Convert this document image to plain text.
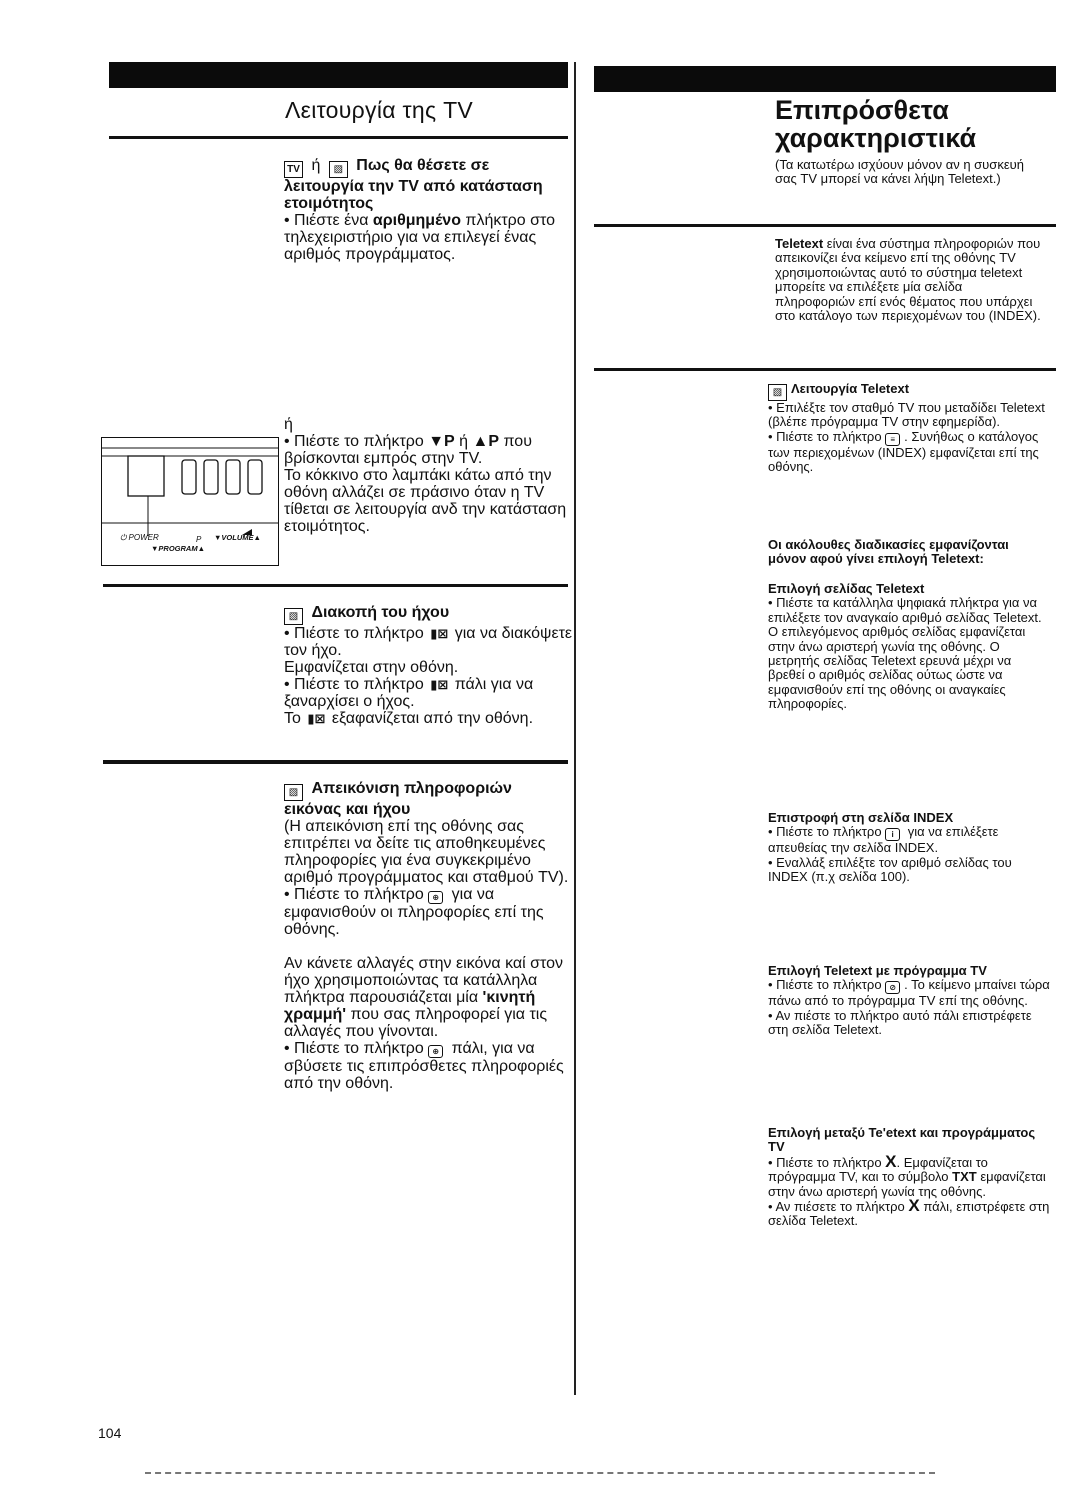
Λειτουργία της TV

TV ή ▧ Πως θα θέσετε σε λειτουργία την TV από κατάσταση ετοιμότητος

• Πιέστε ένα αριθμημένο πλήκτρο στο τηλεχειριστήριο για να επιλεγεί ένας αριθμός προγράμματος.

ή

• Πιέστε το πλήκτρο ▼P ή ▲P που βρίσκονται εμπρός στην TV.

Το κόκκινο στο λαμπάκι κάτω από την οθόνη αλλάζει σε πράσινο όταν η TV τίθεται σε λειτουργία ανδ την κατάσταση ετοιμότητος.

⏻ POWER	P ▼VOLUME▲
▼PROGRAM▲

▧ Διακοπή του ήχου

• Πιέστε το πλήκτρο ▮⊠ για να διακόψετε τον ήχο.

Εμφανίζεται στην οθόνη.

• Πιέστε το πλήκτρο ▮⊠ πάλι για να ξαναρχίσει ο ήχος.

Το ▮⊠ εξαφανίζεται από την οθόνη.

▧ Απεικόνιση πληροφοριών εικόνας και ήχου

(Η απεικόνιση επί της οθόνης σας επιτρέπει να δείτε τις αποθηκευμένες πληροφορίες για ένα συγκεκριμένο αριθμό προγράμματος και σταθμού TV).

• Πιέστε το πλήκτρο ⊕ για να εμφανισθούν οι πληροφορίες επί της οθόνης.

Αν κάνετε αλλαγές στην εικόνα καί στον ήχο χρησιμοποιώντας τα κατάλληλα πλήκτρα παρουσιάζεται μία 'κινητή χραμμή' που σας πληροφορεί για τις αλλαγές που γίνονται.

• Πιέστε το πλήκτρο ⊕ πάλι, για να σβύσετε τις επιπρόσθετες πληροφοριές από την οθόνη.

Επιπρόσθετα
χαρακτηριστικά
(Τα κατωτέρω ισχύουν μόνον αν η συσκευή σας TV μπορεί να κάνει λήψη Teletext.)
Teletext είναι ένα σύστημα πληροφοριών που απεικονίζει ένα κείμενο επί της οθόνης TV χρησιμοποιώντας αυτό το σύστημα teletext μπορείτε να επιλέξετε μία σελίδα πληροφοριών επί ενός θέματος που υπάρχει στο κατάλογο των περιεχομένων του (INDEX).

▧ Λειτουργία Teletext

• Επιλέξτε τον σταθμό TV που μεταδίδει Teletext (βλέπε πρόγραμμα TV στην εφημερίδα).

• Πιέστε το πλήκτρο ≡ . Συνήθως ο κατάλογος των περιεχομένων (INDEX) εμφανίζεται επί της οθόνης.

Οι ακόλουθες διαδικασίες εμφανίζονται μόνον αφού γίνει επιλογή Teletext:

Επιλογή σελίδας Teletext

• Πιέστε τα κατάλληλα ψηφιακά πλήκτρα για να επιλέξετε τον αναγκαίο αριθμό σελίδας Teletext. Ο επιλεγόμενος αριθμός σελίδας εμφανίζεται στην άνω αριστερή γωνία της οθόνης. Ο μετρητής σελίδας Teletext ερευνά μέχρι να βρεθεί ο αριθμός σελίδας ούτως ώστε να εμφανισθούν επί της οθόνης οι αναγκαίες πληροφορίες.

Επιστροφή στη σελίδα INDEX

• Πιέστε το πλήκτρο i για να επιλέξετε απευθείας την σελίδα INDEX.

• Εναλλάξ επιλέξτε τον αριθμό σελίδας του INDEX (π.χ σελίδα 100).

Επιλογή Teletext με πρόγραμμα TV

• Πιέστε το πλήκτρο ⊘ . Το κείμενο μπαίνει τώρα πάνω από το πρόγραμμα TV επί της οθόνης.

• Αν πιέστε το πλήκτρο αυτό πάλι επιστρέφετε στη σελίδα Teletext.

Επιλογή μεταξύ Te'etext και προγράμματος TV

• Πιέστε το πλήκτρο X. Εμφανίζεται το πρόγραμμα TV, και το σύμβολο TXT εμφανίζεται στην άνω αριστερή γωνία της οθόνης.

• Αν πιέσετε το πλήκτρο X πάλι, επιστρέφετε στη σελίδα Teletext.

104
